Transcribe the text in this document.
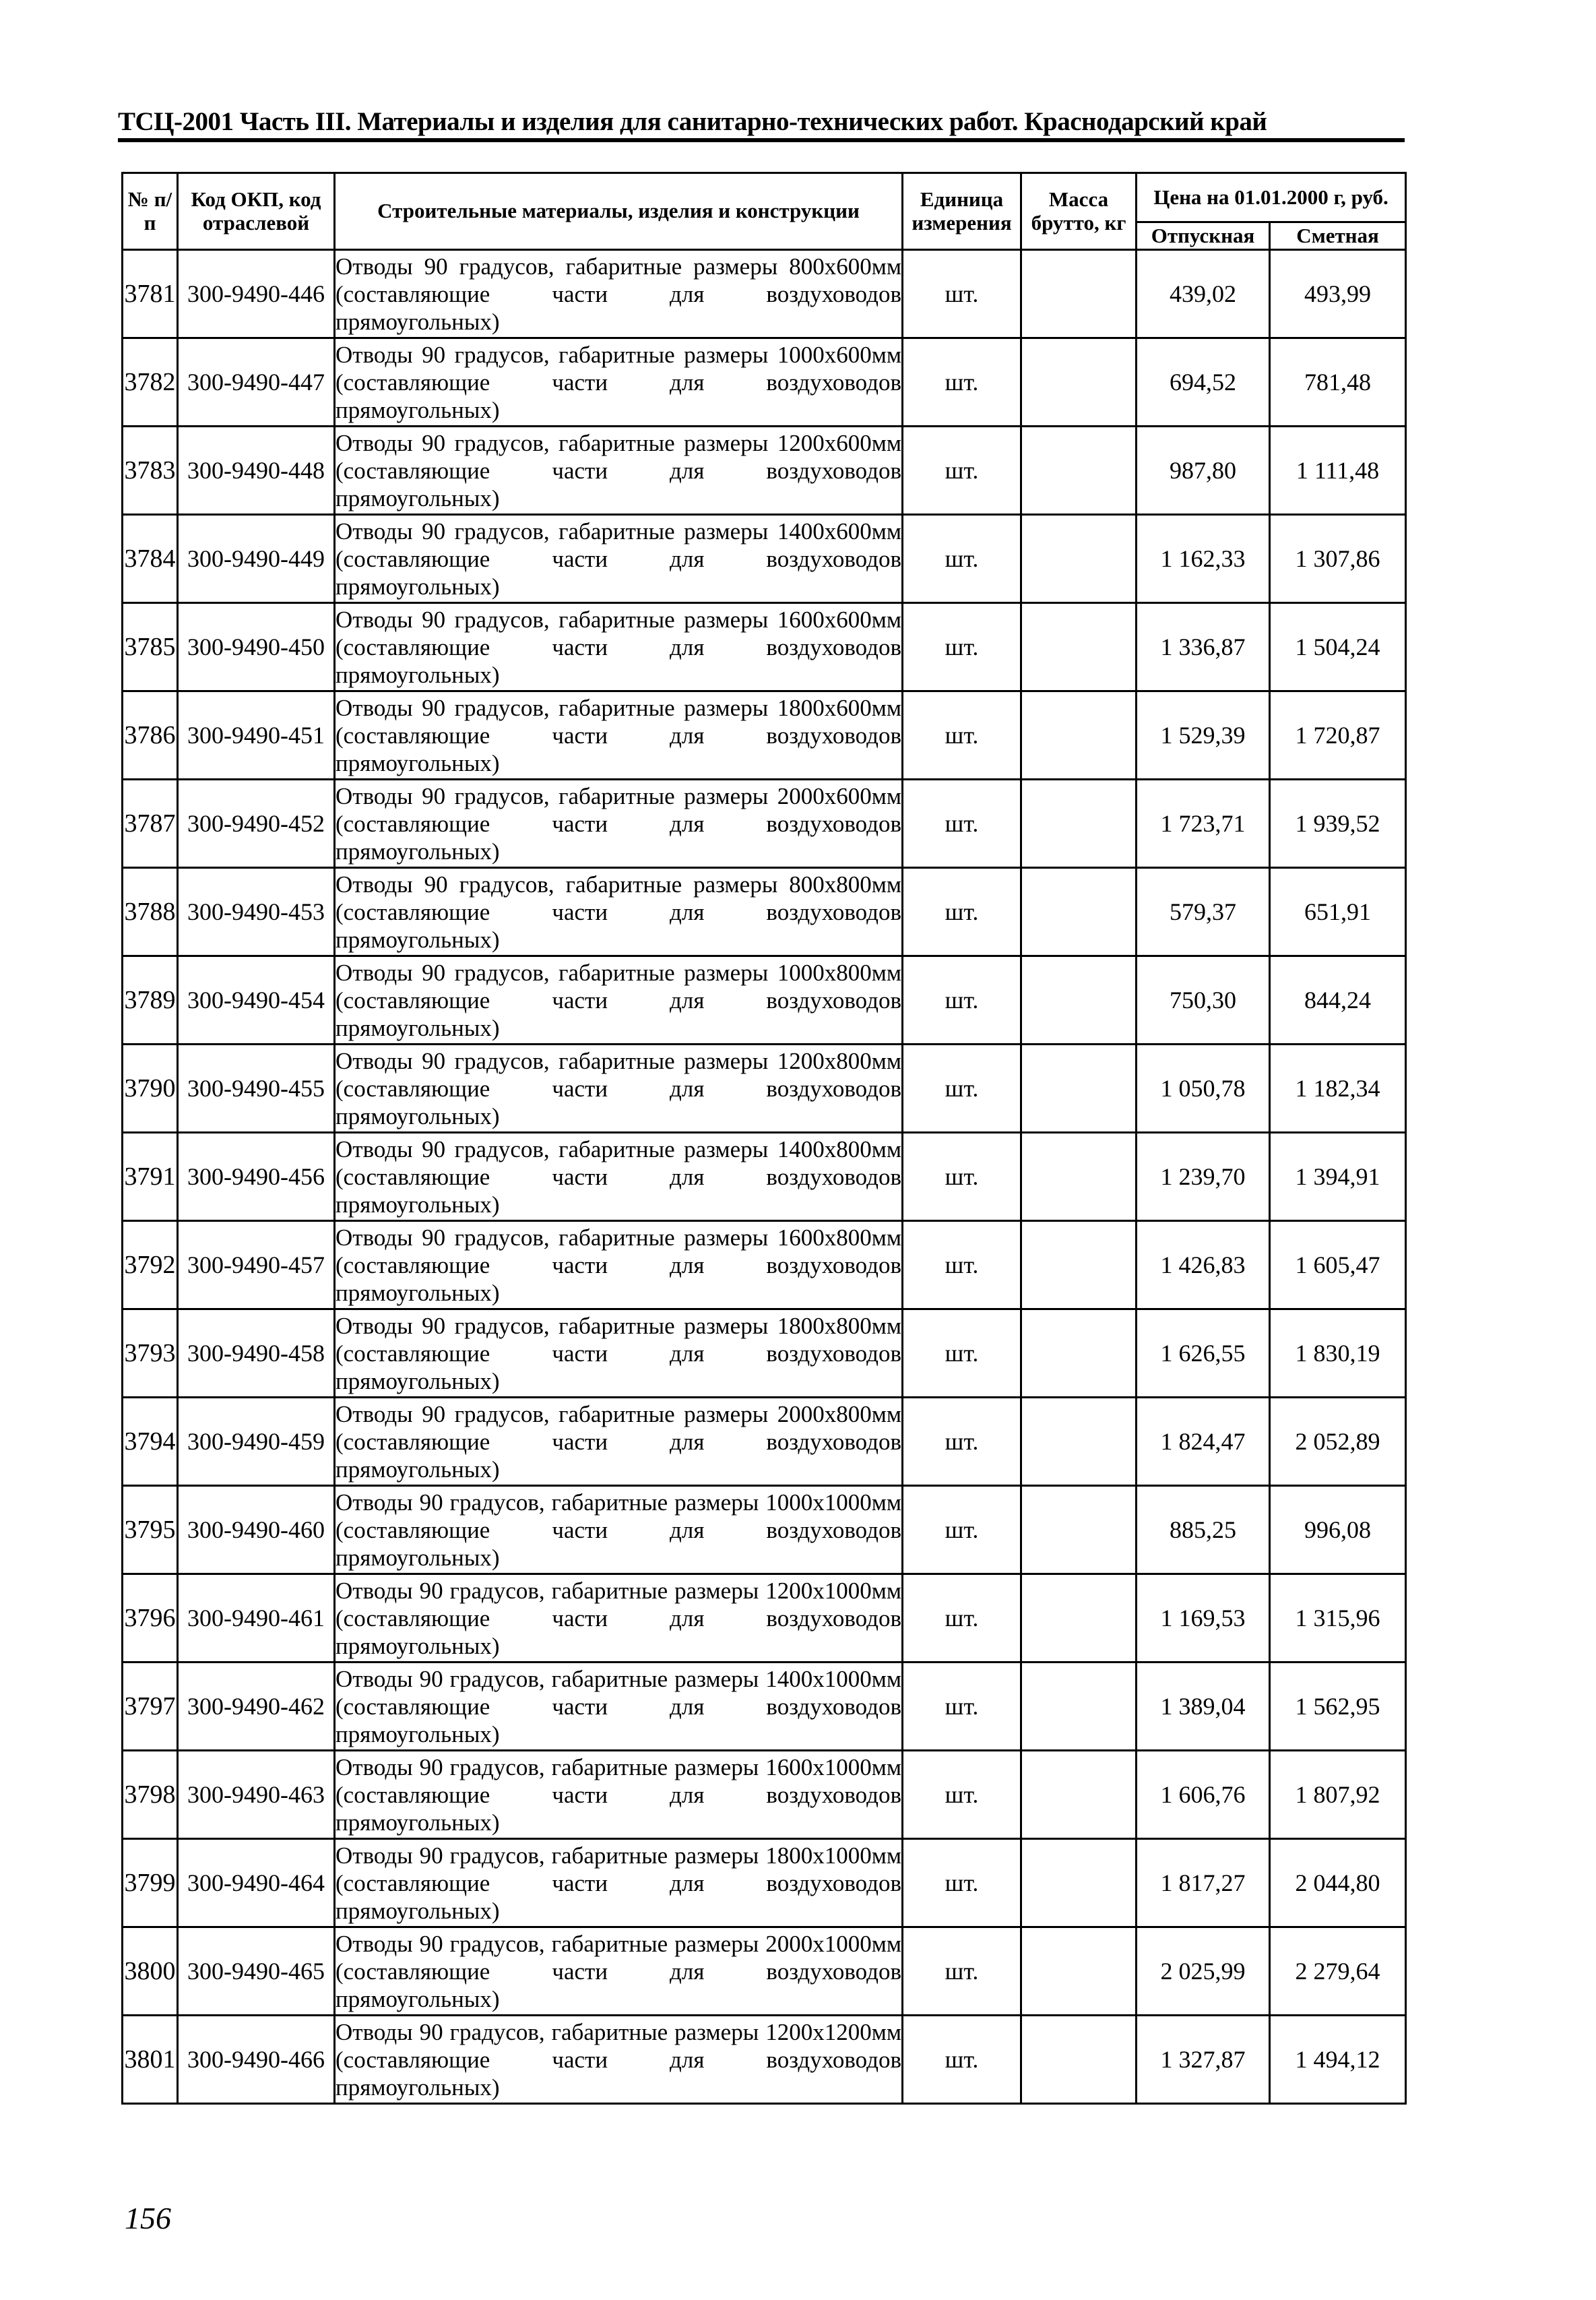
ТСЦ-2001 Часть III. Материалы и изделия для санитарно-технических работ. Краснодарский край
№ п/п	Код ОКП, код отраслевой	Строительные материалы, изделия и конструкции	Единица измерения	Масса брутто, кг	Цена на 01.01.2000 г, руб.	
					Отпускная	Сметная
3781	300-9490-446	Отводы 90 градусов, габаритные размеры 800х600мм (составляющие части для воздуховодов прямоугольных)	шт.		439,02	493,99
3782	300-9490-447	Отводы 90 градусов, габаритные размеры 1000х600мм (составляющие части для воздуховодов прямоугольных)	шт.		694,52	781,48
3783	300-9490-448	Отводы 90 градусов, габаритные размеры 1200х600мм (составляющие части для воздуховодов прямоугольных)	шт.		987,80	1 111,48
3784	300-9490-449	Отводы 90 градусов, габаритные размеры 1400х600мм (составляющие части для воздуховодов прямоугольных)	шт.		1 162,33	1 307,86
3785	300-9490-450	Отводы 90 градусов, габаритные размеры 1600х600мм (составляющие части для воздуховодов прямоугольных)	шт.		1 336,87	1 504,24
3786	300-9490-451	Отводы 90 градусов, габаритные размеры 1800х600мм (составляющие части для воздуховодов прямоугольных)	шт.		1 529,39	1 720,87
3787	300-9490-452	Отводы 90 градусов, габаритные размеры 2000х600мм (составляющие части для воздуховодов прямоугольных)	шт.		1 723,71	1 939,52
3788	300-9490-453	Отводы 90 градусов, габаритные размеры 800х800мм (составляющие части для воздуховодов прямоугольных)	шт.		579,37	651,91
3789	300-9490-454	Отводы 90 градусов, габаритные размеры 1000х800мм (составляющие части для воздуховодов прямоугольных)	шт.		750,30	844,24
3790	300-9490-455	Отводы 90 градусов, габаритные размеры 1200х800мм (составляющие части для воздуховодов прямоугольных)	шт.		1 050,78	1 182,34
3791	300-9490-456	Отводы 90 градусов, габаритные размеры 1400х800мм (составляющие части для воздуховодов прямоугольных)	шт.		1 239,70	1 394,91
3792	300-9490-457	Отводы 90 градусов, габаритные размеры 1600х800мм (составляющие части для воздуховодов прямоугольных)	шт.		1 426,83	1 605,47
3793	300-9490-458	Отводы 90 градусов, габаритные размеры 1800х800мм (составляющие части для воздуховодов прямоугольных)	шт.		1 626,55	1 830,19
3794	300-9490-459	Отводы 90 градусов, габаритные размеры 2000х800мм (составляющие части для воздуховодов прямоугольных)	шт.		1 824,47	2 052,89
3795	300-9490-460	Отводы 90 градусов, габаритные размеры 1000х1000мм (составляющие части для воздуховодов прямоугольных)	шт.		885,25	996,08
3796	300-9490-461	Отводы 90 градусов, габаритные размеры 1200х1000мм (составляющие части для воздуховодов прямоугольных)	шт.		1 169,53	1 315,96
3797	300-9490-462	Отводы 90 градусов, габаритные размеры 1400х1000мм (составляющие части для воздуховодов прямоугольных)	шт.		1 389,04	1 562,95
3798	300-9490-463	Отводы 90 градусов, габаритные размеры 1600х1000мм (составляющие части для воздуховодов прямоугольных)	шт.		1 606,76	1 807,92
3799	300-9490-464	Отводы 90 градусов, габаритные размеры 1800х1000мм (составляющие части для воздуховодов прямоугольных)	шт.		1 817,27	2 044,80
3800	300-9490-465	Отводы 90 градусов, габаритные размеры 2000х1000мм (составляющие части для воздуховодов прямоугольных)	шт.		2 025,99	2 279,64
3801	300-9490-466	Отводы 90 градусов, габаритные размеры 1200х1200мм (составляющие части для воздуховодов прямоугольных)	шт.		1 327,87	1 494,12
156
